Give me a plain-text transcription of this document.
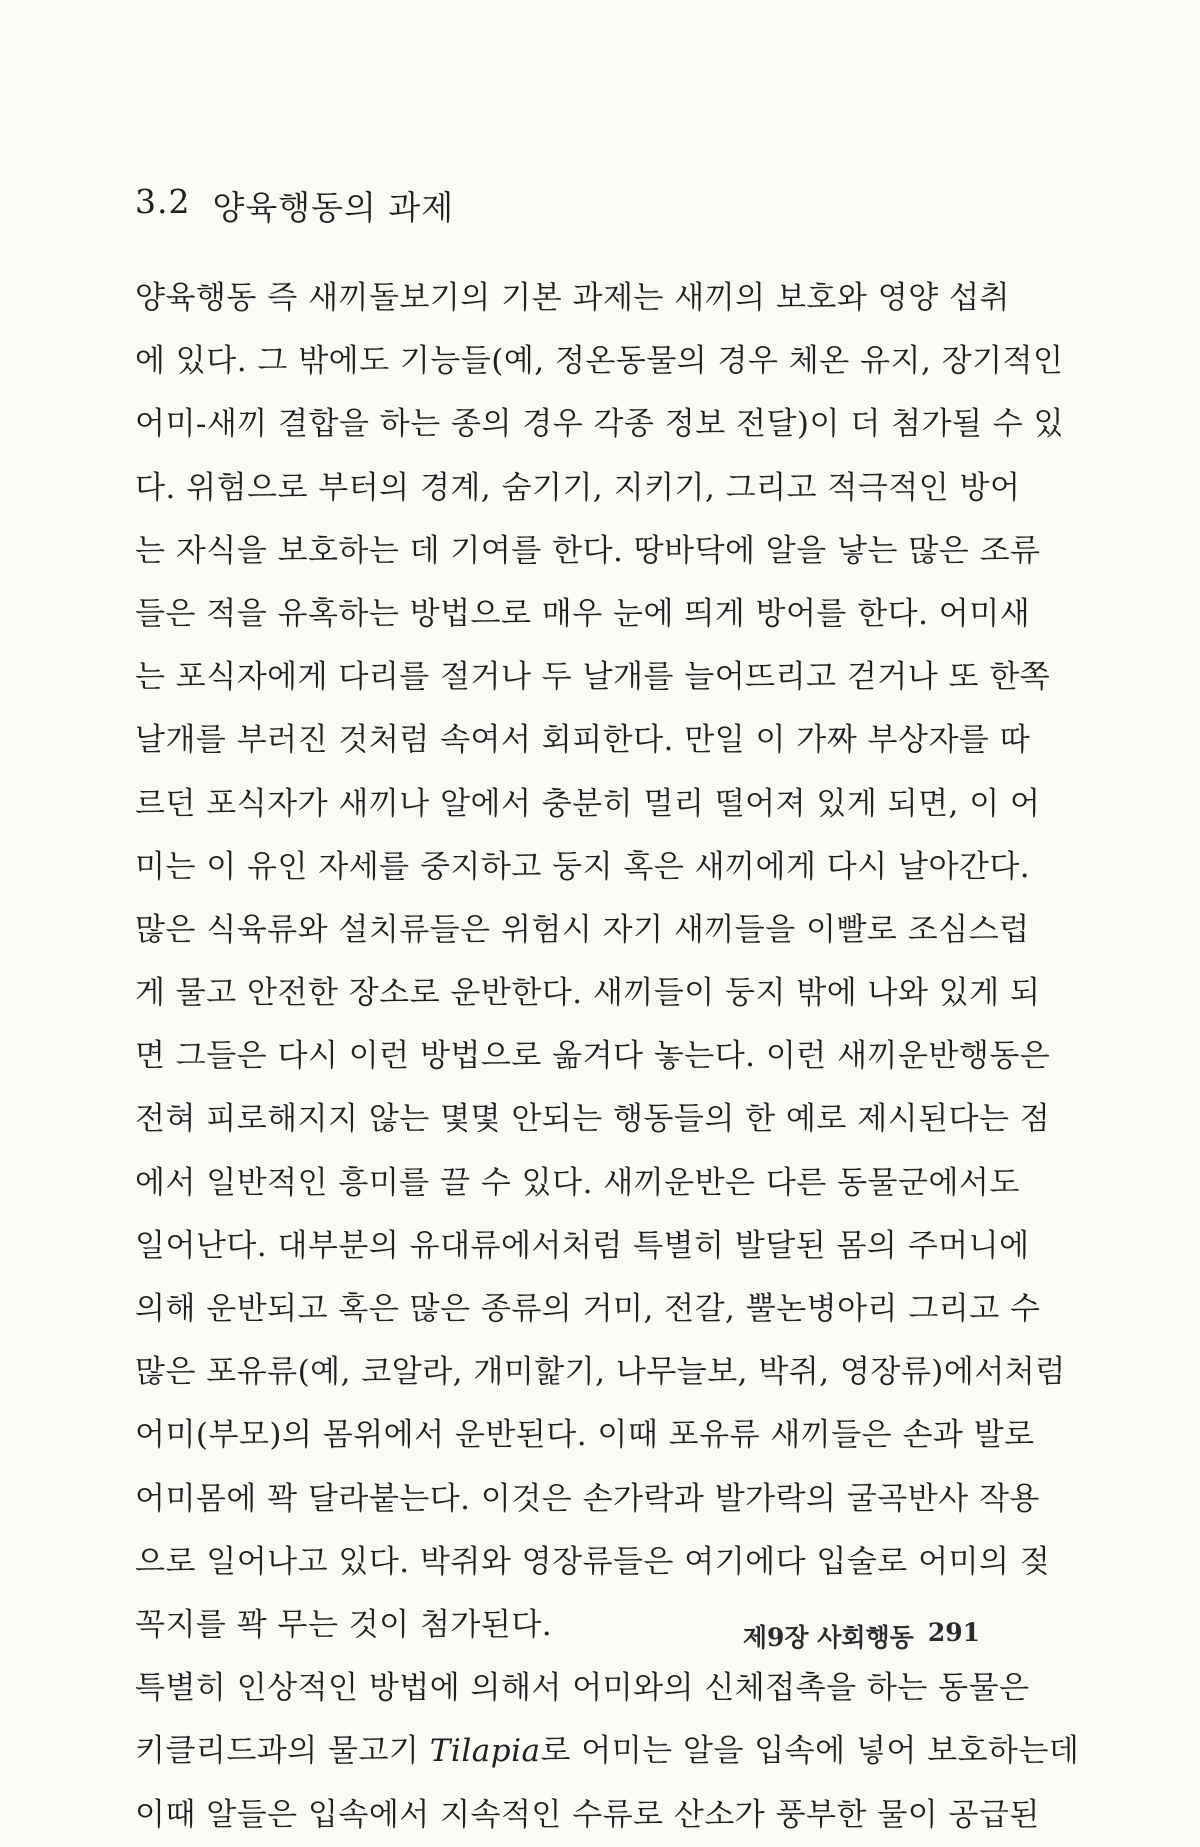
3.2 양육행동의 과제
양육행동 즉 새끼돌보기의 기본 과제는 새끼의 보호와 영양 섭취
에 있다. 그 밖에도 기능들(예, 정온동물의 경우 체온 유지, 장기적인
어미-새끼 결합을 하는 종의 경우 각종 정보 전달)이 더 첨가될 수 있
다. 위험으로 부터의 경계, 숨기기, 지키기, 그리고 적극적인 방어
는 자식을 보호하는 데 기여를 한다. 땅바닥에 알을 낳는 많은 조류
들은 적을 유혹하는 방법으로 매우 눈에 띄게 방어를 한다. 어미새
는 포식자에게 다리를 절거나 두 날개를 늘어뜨리고 걷거나 또 한쪽
날개를 부러진 것처럼 속여서 회피한다. 만일 이 가짜 부상자를 따
르던 포식자가 새끼나 알에서 충분히 멀리 떨어져 있게 되면, 이 어
미는 이 유인 자세를 중지하고 둥지 혹은 새끼에게 다시 날아간다.
많은 식육류와 설치류들은 위험시 자기 새끼들을 이빨로 조심스럽
게 물고 안전한 장소로 운반한다. 새끼들이 둥지 밖에 나와 있게 되
면 그들은 다시 이런 방법으로 옮겨다 놓는다. 이런 새끼운반행동은
전혀 피로해지지 않는 몇몇 안되는 행동들의 한 예로 제시된다는 점
에서 일반적인 흥미를 끌 수 있다. 새끼운반은 다른 동물군에서도
일어난다. 대부분의 유대류에서처럼 특별히 발달된 몸의 주머니에
의해 운반되고 혹은 많은 종류의 거미, 전갈, 뿔논병아리 그리고 수
많은 포유류(예, 코알라, 개미핥기, 나무늘보, 박쥐, 영장류)에서처럼
어미(부모)의 몸위에서 운반된다. 이때 포유류 새끼들은 손과 발로
어미몸에 꽉 달라붙는다. 이것은 손가락과 발가락의 굴곡반사 작용
으로 일어나고 있다. 박쥐와 영장류들은 여기에다 입술로 어미의 젖
꼭지를 꽉 무는 것이 첨가된다.
특별히 인상적인 방법에 의해서 어미와의 신체접촉을 하는 동물은
키클리드과의 물고기 Tilapia로 어미는 알을 입속에 넣어 보호하는데
이때 알들은 입속에서 지속적인 수류로 산소가 풍부한 물이 공급된
제9장 사회행동 291
